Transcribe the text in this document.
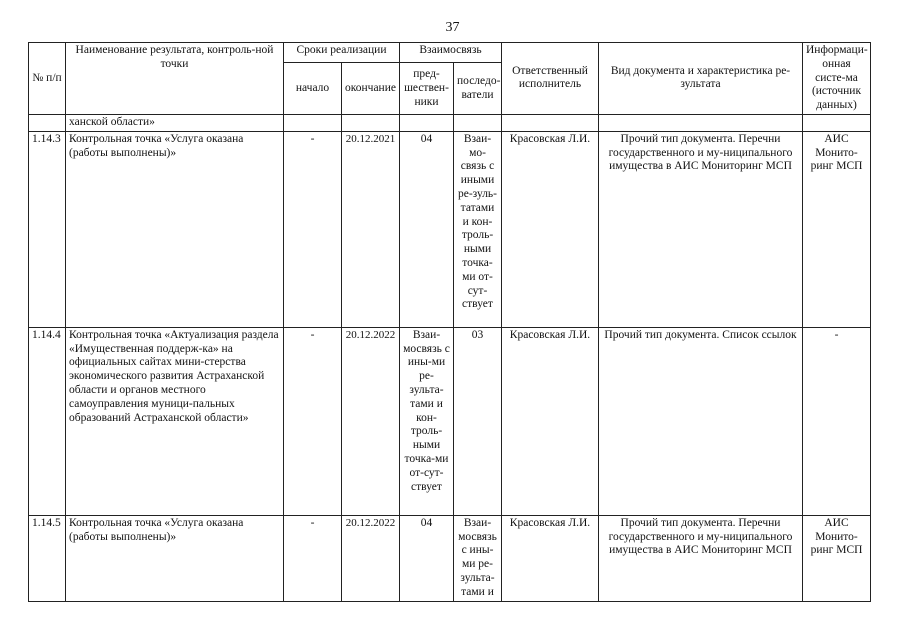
37
№ п/п	Наименование результата, контроль-ной точки	Сроки реализации		Взаимосвязь		Ответственный исполнитель	Вид документа и характеристика ре-зультата	Информаци-онная систе-ма (источник данных)
		начало	окончание	пред-шествен-ники	последо-ватели			
	ханской области»							
1.14.3	Контрольная точка «Услуга оказана (работы выполнены)»	-	20.12.2021	04	Взаи-мо-связь с иными ре-зуль-татами и кон-троль-ными точка-ми от-сут-ствует	Красовская Л.И.	Прочий тип документа. Перечни государственного и му-ниципального имущества в АИС Мониторинг МСП	АИС Монито-ринг МСП
1.14.4	Контрольная точка «Актуализация раздела «Имущественная поддерж-ка» на официальных сайтах мини-стерства экономического развития Астраханской области и органов местного самоуправления муници-пальных образований Астраханской области»	-	20.12.2022	Взаи-мосвязь с ины-ми ре-зульта-тами и кон-троль-ными точка-ми от-сут-ствует	03	Красовская Л.И.	Прочий тип документа. Список ссылок	-
1.14.5	Контрольная точка «Услуга оказана (работы выполнены)»	-	20.12.2022	04	Взаи-мосвязь с ины-ми ре-зульта-тами и	Красовская Л.И.	Прочий тип документа. Перечни государственного и му-ниципального имущества в АИС Мониторинг МСП	АИС Монито-ринг МСП
